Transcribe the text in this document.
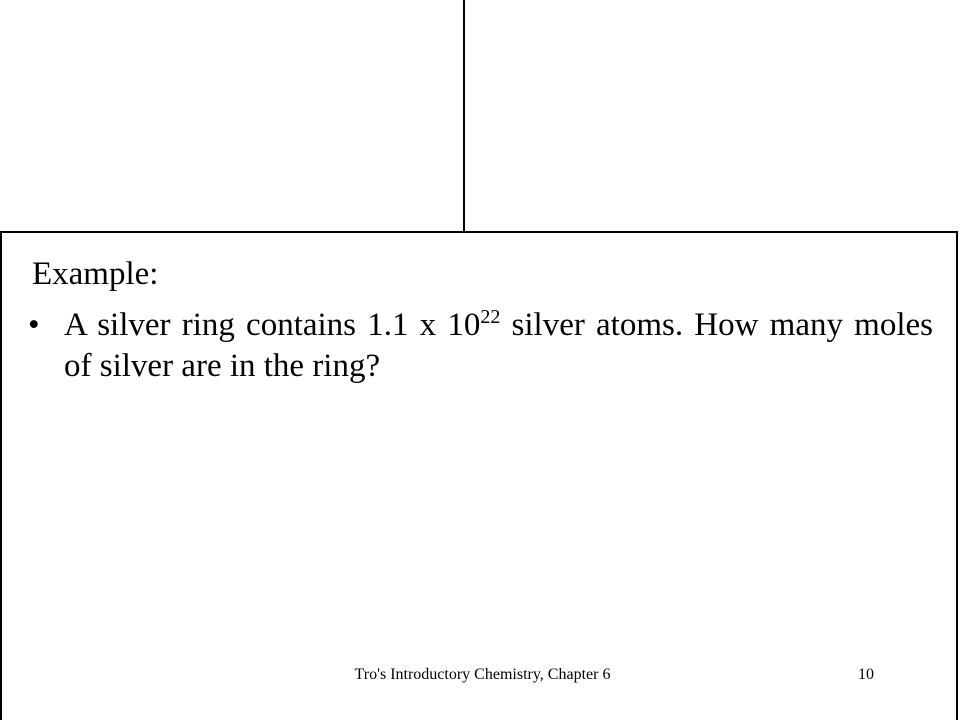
Example:
• A silver ring contains 1.1 x $10^{22}$ silver atoms. How many moles of silver are in the ring?
Tro's Introductory Chemistry, Chapter 6	10
